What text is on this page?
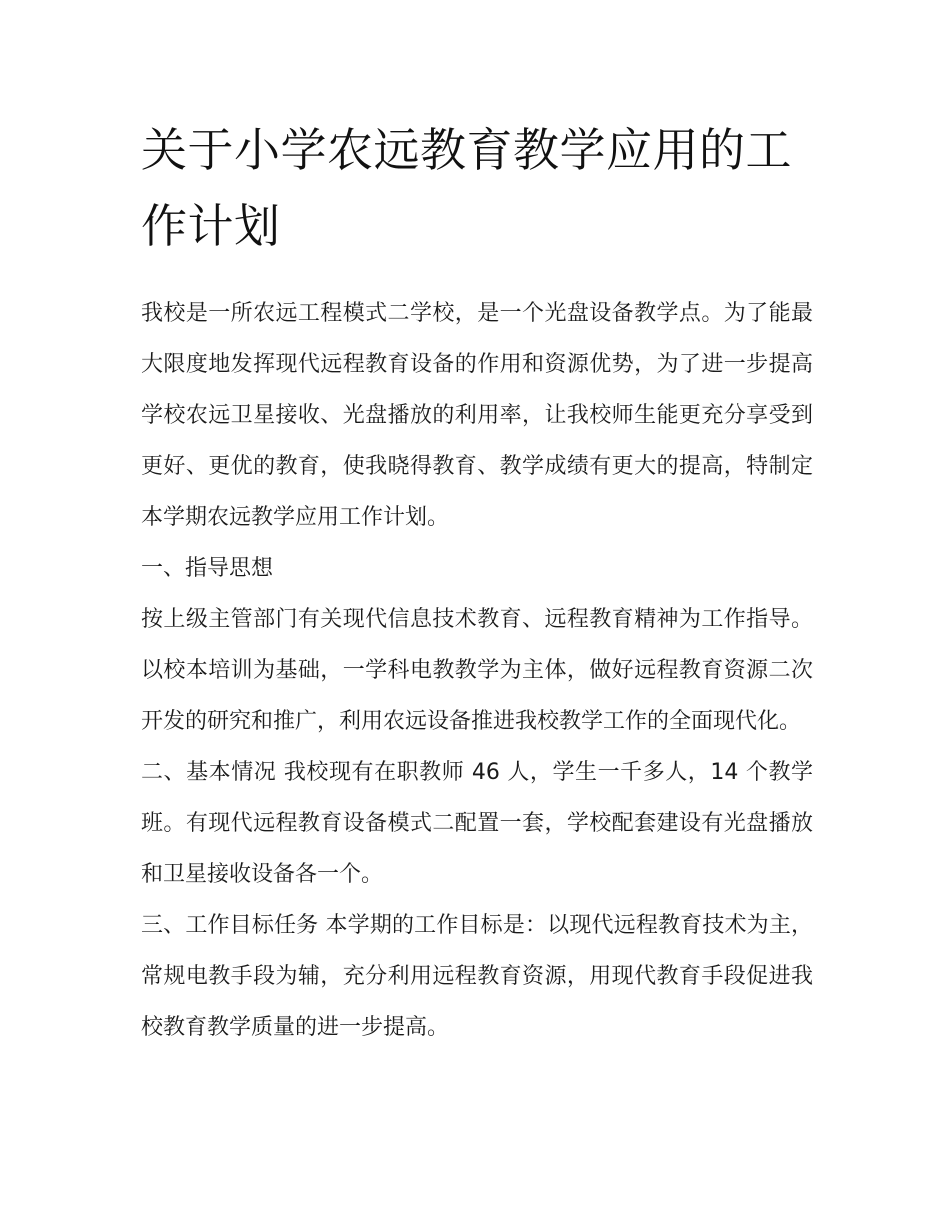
关于小学农远教育教学应用的工作计划

我校是一所农远工程模式二学校，是一个光盘设备教学点。为了能最大限度地发挥现代远程教育设备的作用和资源优势，为了进一步提高学校农远卫星接收、光盘播放的利用率，让我校师生能更充分享受到更好、更优的教育，使我晓得教育、教学成绩有更大的提高，特制定本学期农远教学应用工作计划。

一、指导思想

按上级主管部门有关现代信息技术教育、远程教育精神为工作指导。以校本培训为基础，一学科电教教学为主体，做好远程教育资源二次开发的研究和推广，利用农远设备推进我校教学工作的全面现代化。

二、基本情况 我校现有在职教师 46 人，学生一千多人，14 个教学班。有现代远程教育设备模式二配置一套，学校配套建设有光盘播放和卫星接收设备各一个。

三、工作目标任务 本学期的工作目标是：以现代远程教育技术为主，常规电教手段为辅，充分利用远程教育资源，用现代教育手段促进我校教育教学质量的进一步提高。
